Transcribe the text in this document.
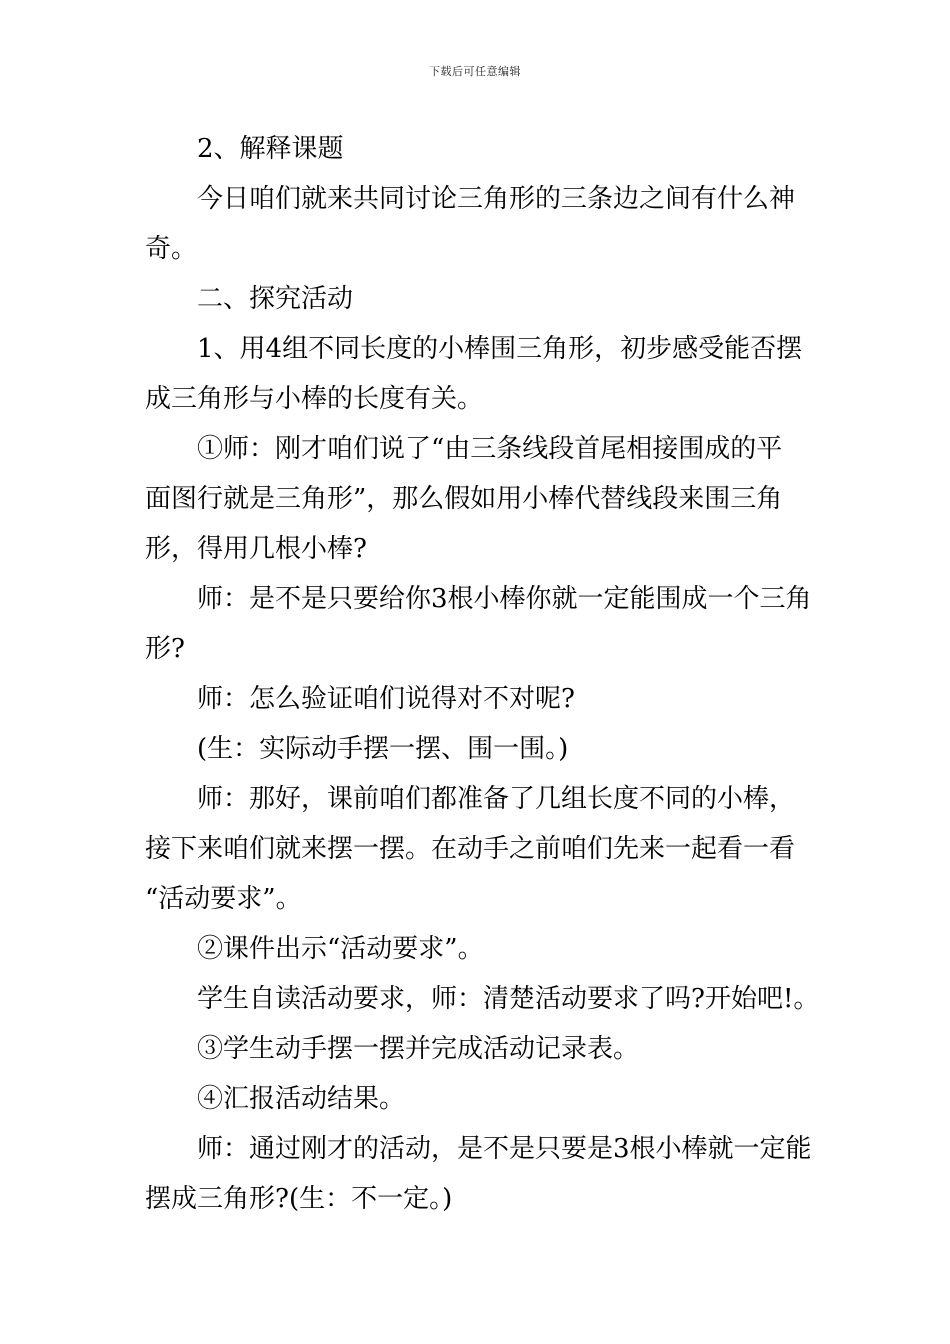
下载后可任意编辑
2、解释课题
今日咱们就来共同讨论三角形的三条边之间有什么神
奇。
二、探究活动
1、用4组不同长度的小棒围三角形，初步感受能否摆
成三角形与小棒的长度有关。
①师：刚才咱们说了“由三条线段首尾相接围成的平
面图行就是三角形”，那么假如用小棒代替线段来围三角
形，得用几根小棒?
师：是不是只要给你3根小棒你就一定能围成一个三角
形?
师：怎么验证咱们说得对不对呢?
(生：实际动手摆一摆、围一围。)
师：那好，课前咱们都准备了几组长度不同的小棒，
接下来咱们就来摆一摆。在动手之前咱们先来一起看一看
“活动要求”。
②课件出示“活动要求”。
学生自读活动要求，师：清楚活动要求了吗?开始吧!。
③学生动手摆一摆并完成活动记录表。
④汇报活动结果。
师：通过刚才的活动，是不是只要是3根小棒就一定能
摆成三角形?(生：不一定。)
